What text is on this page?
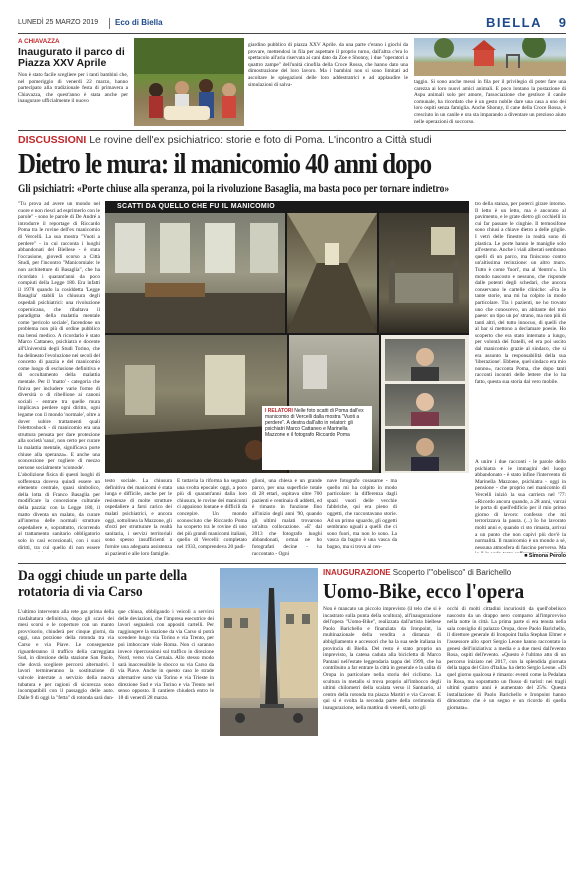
LUNEDÌ 25 MARZO 2019 Eco di Biella	BIELLA 9
A CHIAVAZZA
Inaugurato il parco di Piazza XXV Aprile
Non è stato facile scegliere per i tanti bambini che, nel pomeriggio di venerdì 22 marzo, hanno partecipato alla tradizionale festa di primavera a Chiavazza, che quest'anno è stata anche per inaugurare ufficialmente il nuovo
giardino pubblico di piazza XXV Aprile. da una parte c'erano i giochi da provare, mettendosi in fila per aspettare il proprio turno, dall'altra c'era lo spettacolo all'aria riservata ai cani dato da Zoe e Shonny, i due "operatori a quattro zampe" dell'unità cinofila della Croce Rossa, che hanno dato una dimostrazione del loro lavoro. Ma i bambini non si sono limitati ad ascoltare le spiegazioni delle loro addestratrici e ad applaudire le simulazioni di salva-	taggio. Si sono anche messi in fila per il privilegio di poter fare una carezza ai loro nuovi amici animali. E poco lontano la postazione di Aspu animali solo per amore, l'associazione che gestisce il canile comunale, ha ricordato che è un gesto nobile dare una casa a uno dei loro ospiti senza famiglia. Anche Shonny, il cane della Croce Rossa, è cresciuto in un canile e ora sta imparando a diventare un prezioso aiuto nelle operazioni di soccorso.
DISCUSSIONI Le rovine dell'ex psichiatrico: storie e foto di Poma. L'incontro a Città studi
Dietro le mura: il manicomio 40 anni dopo
Gli psichiatri: «Porte chiuse alla speranza, poi la rivoluzione Basaglia, ma basta poco per tornare indietro»
"Tu prova ad avere un mondo nel cuore e non riesci ad esprimerlo con le parole" - sono le parole di De André a introdurre il reportage di Riccardo Poma tra le rovine dell'ex manicomio di Vercelli. La sua mostra "Vuoti a perdere" - in cui racconta i luoghi abbandonati del Biellese - è stata l'occasione, giovedì scorso a Città Studi, per l'incontro "Manicomiale: le non architetture di Basaglia", che ha ricordato i quarant'anni da poco compiuti della Legge 180. Era infatti il 1978 quando la cosiddetta 'Legge Basaglia' stabilì la chiusura degli ospedali psichiatrici: una rivoluzione copernicana, che ribaltava il paradigma della malattia mentale come 'pericolo sociale', facendone un problema non più di ordine pubblico ma bensì medico. A ricordarlo è stato Marco Cattaneo, psichiatra e docente all'Università degli Studi Torino, che ha delineato l'evoluzione nei secoli del concetto di pazzia e del manicomio come luogo di esclusione definitiva e di occultamento della malattia mentale. Per il 'matto' - categoria che finiva per includere varie forme di diversità o di ribellione ai canoni sociali - entrare tra quelle mura implicava perdere ogni diritto, ogni legame con il mondo 'normale', oltre a dover subire trattamenti quali l'elettroshock - di manicomio era una struttura pensata per dare protezione alla società 'sana', non certo per curare la malattia mentale, significava porte chiuse alla speranza». E anche una sconcezione per togliere di mezzo persone socialmente 'scomode'.
L'abolizione fisica di questi luoghi di sofferenza doveva quindi essere un elemento centrale, quasi simbolico, della lotta di Franco Basaglia per modificare la concezione culturale della pazzia: con la Legge 180, il matto diventa un malato, da curare all'interno delle normali strutture ospedaliere e, soprattutto, ricorrendo al trattamento sanitario obbligatorio solo in casi eccezionali, con i suoi diritti, tra cui quello di non essere
SCATTI DA QUELLO CHE FU IL MANICOMIO
I RELATORI Nelle foto scatti di Poma dall'ex manicomio di Vercelli dalla mostra "Vuoti a perdere". A destra dall'alto in relatori: gli psichiatri Marco Cattaneo e Marinella Mazzone e il fotografo Riccardo Poma
testo sociale. La chiusura definitiva dei manicomi è stata lunga e difficile, anche per le resistenze di molte strutture ospedaliere a farsi carico dei malati psichiatrici, e ancora oggi, sottolinea la Mazzone, gli sforzi per strutturare la realtà sanitaria, i servizi territoriali sono spesso insufficienti a fornire una adeguata assistenza ai pazienti e alle loro famiglie.
E tuttavia la riforma ha segnato una svolta epocale: oggi, a poco più di quarant'anni dalla loro chiusura, le rovine dei manicomi ci appaiono lontane e difficili da concepire. Un mondo sconosciuto che Riccardo Poma ha scoperto tra le rovine di uno dei più grandi manicomi italiani, quello di Vercelli: completato nel 1933, comprendeva 20 padi-
glioni, una chiesa e un grande parco, per una superficie totale di 28 ettari, ospitava oltre 700 pazienti e centinaia di addetti, ed è rimasto in funzione fino all'inizio degli anni '90, quando gli ultimi malati trovarono un'altra collocazione. «E' dal 2013 che fotografo luoghi abbandonati, ormai ne ho fotografati decine - ha raccontato - Ogni
nave fotografo cosasarne - ma quello mi ha colpito in modo particolare: la differenza dagli spazi vuoti delle vecchie fabbriche, qui era pieno di oggetti, che raccontavano storie. Ad un primo sguardo, gli oggetti sembrano uguali a quelli che ci sono fuori, ma non lo sono. La vasca da bagno è una vasca da bagno, ma si trova al cen-
tro della stanza, per poterci girare intorno. Il letto è un letto, ma è ancorato al pavimento, e le grate dietro gli occhielli in cui far passare le cinghie. Il termosifone sono chiusi a chiave dietro a delle griglie. I vetri delle finestre in realtà sono di plastica. Le porte hanno le maniglie solo all'esterno. Anche i viali alberati sembrano quelli di un parco, ma finiscono contro un'altissima recinzione: un altro muro. Tutto è come 'fuori', ma al 'dentro'». Un mondo nascosto e nessuno, che risponde dalle potenti degli schedari, che ancora conservano le cartelle cliniche: «Fra le tante storie, una mi ha colpito in modo particolare. Tra i pazienti, ne ho trovato uno che conoscevo, un abitante del mio paese: un tipo un po' strano, ma non più di tanti altri, del tutto innocuo, di quelli che al bar si mettono a declamare poesie. Ho scoperto che era stato internato a lungo, per volontà dei fratelli, ed era poi uscito dal manicomio grazie al sindaco, che si era assunto la responsabilità della sua 'liberazione'. Ebbene, quel sindaco era mio nonno», racconta Poma, che dopo tanti racconti incontri delle lettere che lo ha fatto, questa sua storia dal vero mobile.
A unire i due racconti - le parole dello psichiatra e le immagini del luogo abbandonato - è stato infine l'intervento di Marinella Mazzone, psichiatra - oggi in pensione - che proprio nel manicomio di Vercelli iniziò la sua carriera nel '77: «Ricordo ancora quando, a 28 anni, varcai le porta di quell'edificio per il mio primo giorno di lavoro: confesso che mi terrorizzava la paura. (...) Io ho lavorato molti anni e, quando ci sto rimasta, arrivai a un punto che non capivi più dov'è la normalità. Il manicomio è un mondo a sé, nessuna atmosfera di fascino perverso. Ma
■ Simona Perolo
Da oggi chiude un parte della rotatoria di via Carso
L'ultimo intervento alla rete gas prima della riasfaltatura definitiva, dopo gli scavi dei mesi scorsi e le coperture con un manto provvisorio, chiuderà per cinque giorni, da oggi, una porzione della rotonda tra via Carso e via Piave. Le conseguenze riguarderanno il traffico della carreggiata Sud, in direzione della stazione San Paolo, che dovrà scegliere percorsi alternativi. I lavori termineranno la sostituzione di valvole interrate a servizio della nuova tubatura e per ragioni di sicurezza sono incompatibili con il passaggio delle auto. Dalle 9 di oggi la "fetta" di rotonda sarà dun-
que chiusa, obbligando i veicoli a servirsi delle deviazioni, che l'impresa esecutrice dei lavori segnalerà con appositi cartelli. Per raggiungere la stazione da via Carso si potrà scendere lungo via Torino e via Trento, per poi imboccare viale Roma. Non ci saranno invece ripercussioni sul traffico in direzione Nord, verso via Cernaia. Allo stesso modo sarà inaccessibile lo sbocco su via Carso da via Piave. Anche in questo caso le strade alternative sono via Torino e via Trieste in direzione Sud e via Torino e via Trento nel senso opposto. Il cantiere chiuderà entro le 18 di venerdì 28 marzo.
INAUGURAZIONE Scoperto l'"obelisco" di Barichello
Uomo-Bike, ecco l'opera
Non è mancato un piccolo imprevisto (il telo che si è incastrato sulla punta della scultura), all'inaugurazione dell'opera "Uomo-Bike", realizzata dall'artista biellese Paolo Barichello e finanziata da Ironpoint, la multinazionale della vendita a distanza di abbigliamento e accessori che ha la sua sede italiana in provincia di Biella. Del resto è stato proprio un imprevisto, la catena caduta alla bicicletta di Marco Pantani nell'estate leggendaria tappa del 1999, che ha contribuito a far entrare la città in generale e la salita di Oropa in particolare nella storia del ciclismo. La scultura in metallo si trova proprio all'imbocco degli ultimi chilometri della scalata verso il Santuario, al centro della rotonda tra piazza Martiri e via Cavour. E qui si è svolta la seconda parte della cerimonia di inaugurazione, nella mattina di venerdì, sotto gli
occhi di molti cittadini incuriositi da quell'obelisco nascosto da un drappo nero comparso all'improvviso nella notte in città. La prima parte si era tenuta nella sala consiglio di palazzo Oropa, dove Paolo Barichello, il direttore generale di Ironpoint Italia Stephan Elmer e l'assessore allo sport Sergio Leone hanno raccontato la genesi dell'iniziativa: a media e a due mesi dall'evento Rosa, ospiti dell'evento. «Questo è l'ultimo atto di un percorso iniziato nel 2017, con la splendida giornata della tappa del Giro d'Italia» ha detto Sergio Leone. «Di quel giorno qualcosa è rimasto: eventi come la Pedalata in Rosa, ma soprattutto un flusso di turisti: nei tragli ultimi quattro anni è aumentato del 25%. Questa installazione di Paolo Barichello e Ironpoint hanno dimostrato che è un segno e un ricordo di quella giornata».
